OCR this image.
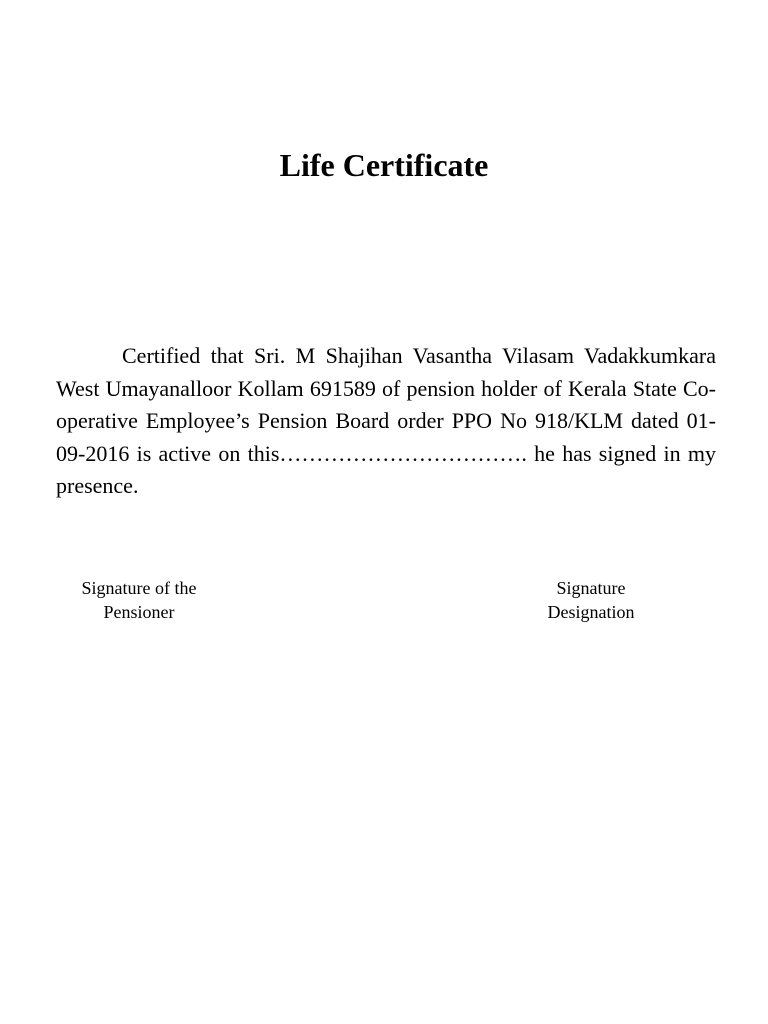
Life Certificate

Certified that Sri. M Shajihan Vasantha Vilasam Vadakkumkara West Umayanalloor Kollam 691589 of pension holder of Kerala State Co-operative Employee’s Pension Board order PPO No 918/KLM dated 01-09-2016 is active on this……………………………. he has signed in my presence.

Signature of the
Pensioner
Signature
Designation
